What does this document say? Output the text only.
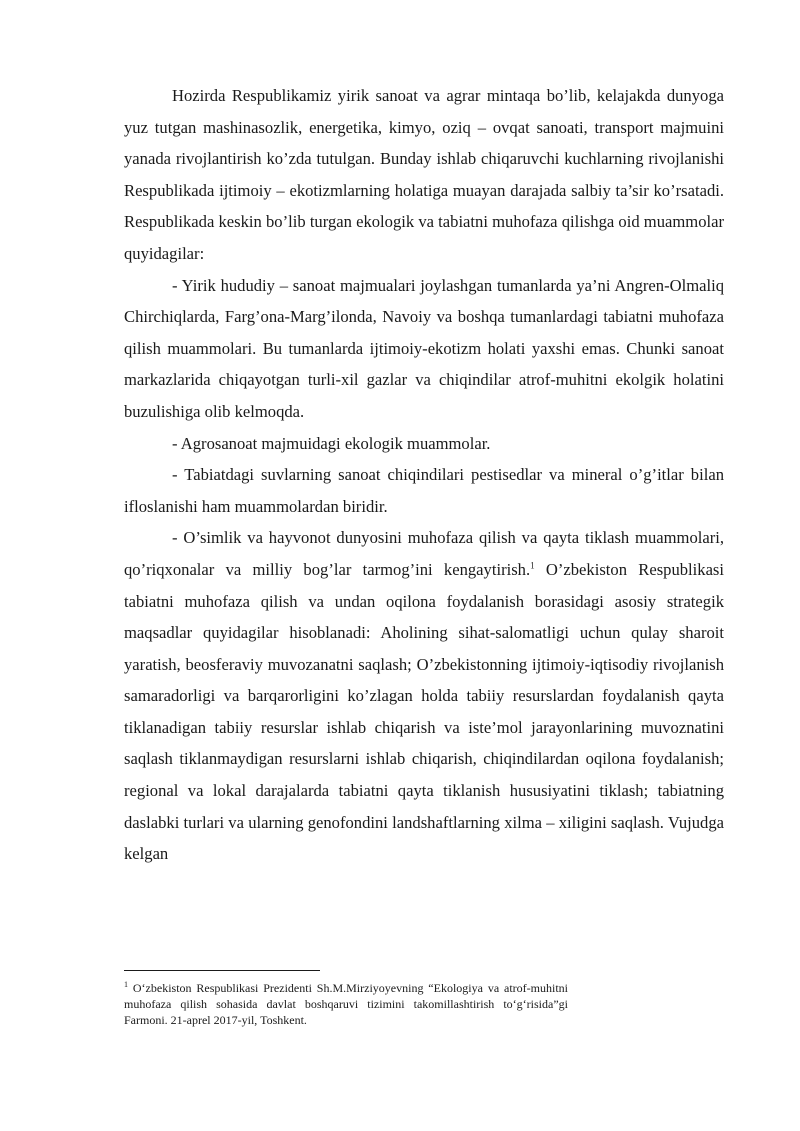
Hozirda Respublikamiz yirik sanoat va agrar mintaqa bo’lib, kelajakda dunyoga yuz tutgan mashinasozlik, energetika, kimyo, oziq – ovqat sanoati, transport majmuini yanada rivojlantirish ko’zda tutulgan. Bunday ishlab chiqaruvchi kuchlarning rivojlanishi Respublikada ijtimoiy – ekotizmlarning holatiga muayan darajada salbiy ta’sir ko’rsatadi. Respublikada keskin bo’lib turgan ekologik va tabiatni muhofaza qilishga oid muammolar quyidagilar:

- Yirik hududiy – sanoat majmualari joylashgan tumanlarda ya’ni Angren-Olmaliq Chirchiqlarda, Farg’ona-Marg’ilonda, Navoiy va boshqa tumanlardagi tabiatni muhofaza qilish muammolari. Bu tumanlarda ijtimoiy-ekotizm holati yaxshi emas. Chunki sanoat markazlarida chiqayotgan turli-xil gazlar va chiqindilar atrof-muhitni ekolgik holatini buzulishiga olib kelmoqda.

- Agrosanoat majmuidagi ekologik muammolar.

- Tabiatdagi suvlarning sanoat chiqindilari pestisedlar va mineral o’g’itlar bilan ifloslanishi ham muammolardan biridir.

- O’simlik va hayvonot dunyosini muhofaza qilish va qayta tiklash muammolari, qo’riqxonalar va milliy bog’lar tarmog’ini kengaytirish.$^1$ O’zbekiston Respublikasi tabiatni muhofaza qilish va undan oqilona foydalanish borasidagi asosiy strategik maqsadlar quyidagilar hisoblanadi: Aholining sihat-salomatligi uchun qulay sharoit yaratish, beosferaviy muvozanatni saqlash; O’zbekistonning ijtimoiy-iqtisodiy rivojlanish samaradorligi va barqarorligini ko’zlagan holda tabiiy resurslardan foydalanish qayta tiklanadigan tabiiy resurslar ishlab chiqarish va iste’mol jarayonlarining muvoznatini saqlash tiklanmaydigan resurslarni ishlab chiqarish, chiqindilardan oqilona foydalanish; regional va lokal darajalarda tabiatni qayta tiklanish hususiyatini tiklash; tabiatning daslabki turlari va ularning genofondini landshaftlarning xilma – xiligini saqlash. Vujudga kelgan

$^1$ O‘zbekiston Respublikasi Prezidenti Sh.M.Mirziyoyevning “Ekologiya va atrof-muhitni muhofaza qilish sohasida davlat boshqaruvi tizimini takomillashtirish to‘g‘risida”gi Farmoni. 21-aprel 2017-yil, Toshkent.
